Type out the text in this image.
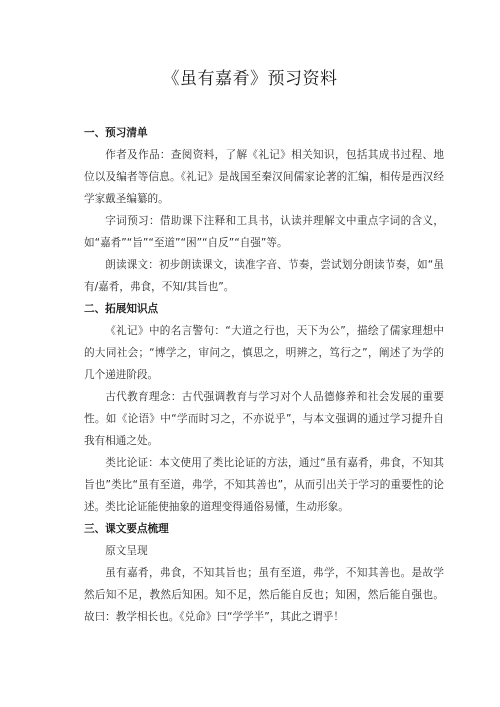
《虽有嘉肴》预习资料
一、预习清单

作者及作品：查阅资料，了解《礼记》相关知识，包括其成书过程、地位以及编者等信息。《礼记》是战国至秦汉间儒家论著的汇编，相传是西汉经学家戴圣编纂的。

字词预习：借助课下注释和工具书，认读并理解文中重点字词的含义，如“嘉肴”“旨”“至道”“困”“自反”“自强”等。

朗读课文：初步朗读课文，读准字音、节奏，尝试划分朗读节奏，如“虽有/嘉肴，弗食，不知/其旨也”。

二、拓展知识点

《礼记》中的名言警句：“大道之行也，天下为公”，描绘了儒家理想中的大同社会；“博学之，审问之，慎思之，明辨之，笃行之”，阐述了为学的几个递进阶段。

古代教育理念：古代强调教育与学习对个人品德修养和社会发展的重要性。如《论语》中“学而时习之，不亦说乎”，与本文强调的通过学习提升自我有相通之处。

类比论证：本文使用了类比论证的方法，通过“虽有嘉肴，弗食，不知其旨也”类比“虽有至道，弗学，不知其善也”，从而引出关于学习的重要性的论述。类比论证能使抽象的道理变得通俗易懂，生动形象。

三、课文要点梳理

原文呈现

虽有嘉肴，弗食，不知其旨也；虽有至道，弗学，不知其善也。是故学然后知不足，教然后知困。知不足，然后能自反也；知困，然后能自强也。故曰：教学相长也。《兑命》曰“学学半”，其此之谓乎！
